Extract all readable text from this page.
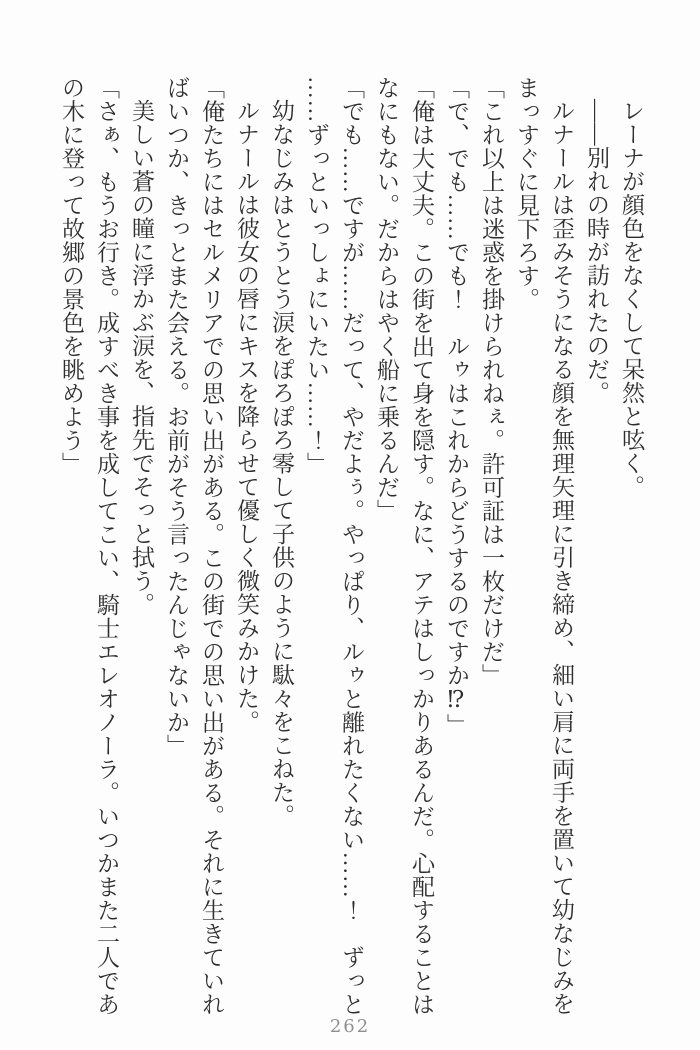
レーナが顔色をなくして呆然と呟く。
――別れの時が訪れたのだ。
ルナールは歪みそうになる顔を無理矢理に引き締め、細い肩に両手を置いて幼なじみを
まっすぐに見下ろす。
「これ以上は迷惑を掛けられねぇ。許可証は一枚だけだ」
「で、でも……でも！　ルゥはこれからどうするのですか⁉」
「俺は大丈夫。この街を出て身を隠す。なに、アテはしっかりあるんだ。心配することは
なにもない。だからはやく船に乗るんだ」
「でも……ですが……だって、やだよぅ。やっぱり、ルゥと離れたくない……！　ずっと
……ずっといっしょにいたい……！」
幼なじみはとうとう涙をぽろぽろ零して子供のように駄々をこねた。
ルナールは彼女の唇にキスを降らせて優しく微笑みかけた。
「俺たちにはセルメリアでの思い出がある。この街での思い出がある。それに生きていれ
ばいつか、きっとまた会える。お前がそう言ったんじゃないか」
美しい蒼の瞳に浮かぶ涙を、指先でそっと拭う。
「さぁ、もうお行き。成すべき事を成してこい、騎士エレオノーラ。いつかまた二人であ
の木に登って故郷の景色を眺めよう」
262
